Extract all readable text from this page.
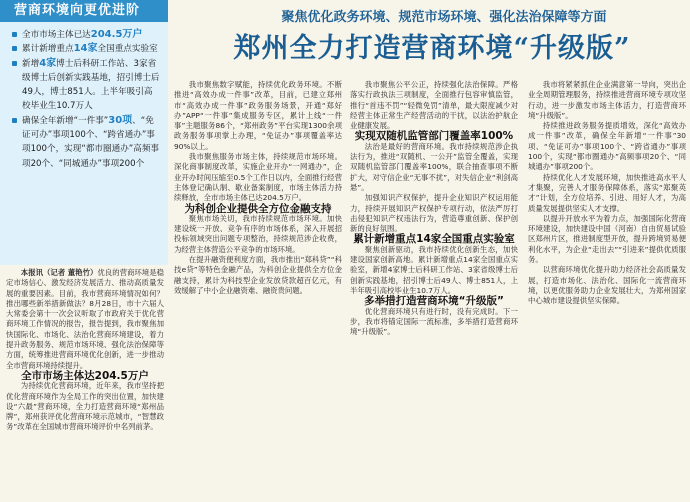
营商环境向更优进阶
全市市场主体已达204.5万户
累计新增重点14家全国重点实验室
新增4家博士后科研工作站、3家省级博士后创新实践基地，招引博士后49人，博士851人。上半年吸引高校毕业生10.7万人
确保全年新增“一件事”30项、“免证可办”事项100个、“跨省通办”事项100个，实现“都市圈通办”高频事项20个、“同城通办”事项200个
聚焦优化政务环境、规范市场环境、强化法治保障等方面
郑州全力打造营商环境“升级版”

本报讯（记者 董艳竹）优良的营商环境是稳定市场信心、激发经济发展活力、推动高质量发展的重要因素。目前，我市营商环境情况如何？推出哪些新举措新做法？8月28日，市十六届人大常委会第十一次会议听取了市政府关于优化营商环境工作情况的报告，报告提到，我市聚焦加快国际化、市场化、法治化营商环境建设，着力提升政务服务、规范市场环境、强化法治保障等方面，统筹推进营商环境优化创新，进一步推动全市营商环境持续提升。

全市市场主体达204.5万户

为持续优化营商环境，近年来，我市坚持把优化营商环境作为全局工作的突出位置，加快建设“六最”营商环境，全力打造营商环境“郑州品牌”，郑州获评优化营商环境示范城市，“智慧政务”改革在全国城市营商环境评价中名列前茅。

我市聚焦数字赋能，持续优化政务环境。不断推进“高效办成一件事”改革，目前，已建立郑州市“高效办成一件事”政务服务场景，开通“郑好办”APP“一件事”集成服务专区，累计上线“一件事”主题服务86个，“郑州政务”平台实现1300余项政务服务事项掌上办理，“免证办”事项覆盖率达90%以上。

我市聚焦服务市场主体，持续规范市场环境。深化商事制度改革，实施企业开办“一网通办”，企业开办时间压缩至0.5个工作日以内，全面推行经营主体登记确认制、歇业备案制度，市场主体活力持续释放，全市市场主体已达204.5万户。

为科创企业提供全方位金融支持

聚焦市场关切，我市持续规范市场环境。加快建设统一开放、竞争有序的市场体系，深入开展招投标领域突出问题专项整治，持续规范涉企收费，为经营主体营造公平竞争的市场环境。

在提升融资便利度方面，我市推出“郑科贷”“科技e贷”等特色金融产品，为科创企业提供全方位金融支持，累计为科技型企业发放贷款超百亿元，有效缓解了中小企业融资难、融资贵问题。

我市聚焦公平公正，持续强化法治保障。严格落实行政执法三项制度，全面推行包容审慎监管，推行“首违不罚”“轻微免罚”清单，最大限度减少对经营主体正常生产经营活动的干扰，以法治护航企业健康发展。

实现双随机监管部门覆盖率100%

法治是最好的营商环境。我市持续规范涉企执法行为，推进“双随机、一公开”监管全覆盖，实现双随机监管部门覆盖率100%，联合抽查事项不断扩大，对守信企业“无事不扰”，对失信企业“利剑高悬”。

加强知识产权保护，提升企业知识产权运用能力，持续开展知识产权保护专项行动，依法严厉打击侵犯知识产权违法行为，营造尊重创新、保护创新的良好氛围。

累计新增重点14家全国重点实验室

聚焦创新驱动，我市持续优化创新生态，加快建设国家创新高地。累计新增重点14家全国重点实验室，新增4家博士后科研工作站、3家省级博士后创新实践基地，招引博士后49人、博士851人，上半年吸引高校毕业生10.7万人。

多举措打造营商环境“升级版”

优化营商环境只有进行时，没有完成时。下一步，我市将锚定国际一流标准，多举措打造营商环境“升级版”。

我市将紧紧抓住企业满意第一导向，突出企业全周期管理服务，持续推进营商环境专项攻坚行动，进一步激发市场主体活力，打造营商环境“升级版”。

持续推进政务服务提质增效，深化“高效办成一件事”改革，确保全年新增“一件事”30项、“免证可办”事项100个、“跨省通办”事项100个，实现“都市圈通办”高频事项20个、“同城通办”事项200个。

持续优化人才发展环境，加快推进高水平人才集聚，完善人才服务保障体系，落实“郑聚英才”计划，全方位培养、引进、用好人才，为高质量发展提供坚实人才支撑。

以提升开放水平为着力点，加强国际化营商环境建设，加快建设中国（河南）自由贸易试验区郑州片区，推进制度型开放，提升跨境贸易便利化水平，为企业“走出去”“引进来”提供优质服务。

以营商环境优化提升助力经济社会高质量发展，打造市场化、法治化、国际化一流营商环境，以更优服务助力企业发展壮大，为郑州国家中心城市建设提供坚实保障。
